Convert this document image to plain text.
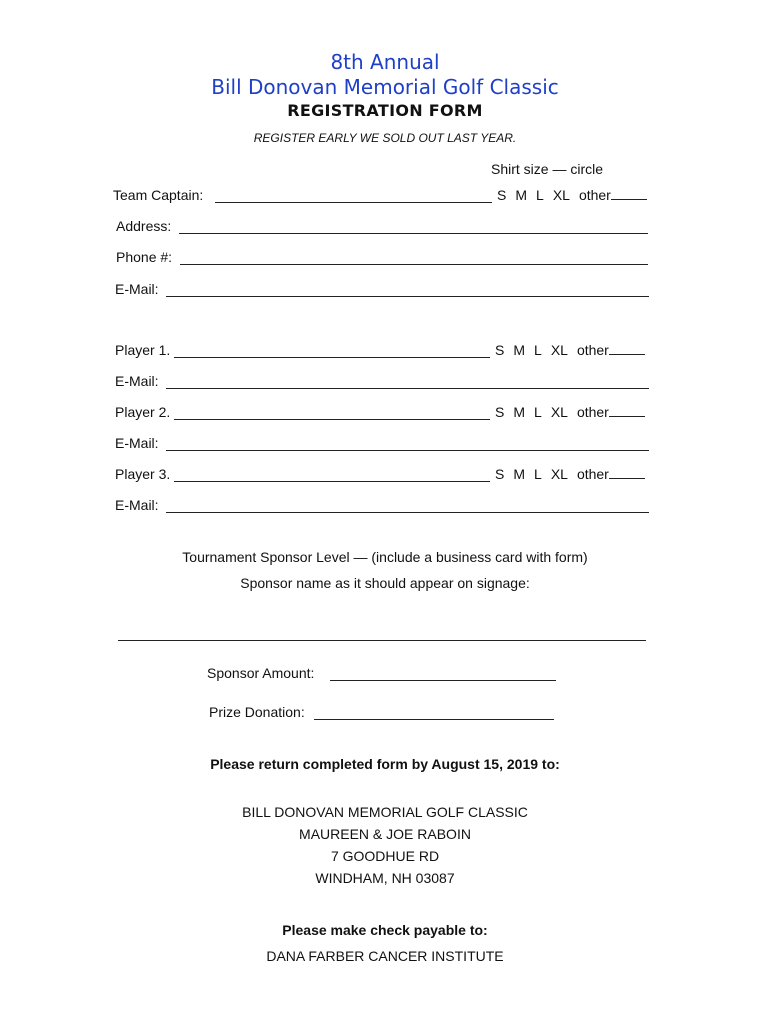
8th Annual
Bill Donovan Memorial Golf Classic
REGISTRATION FORM
REGISTER EARLY WE SOLD OUT LAST YEAR.
Shirt size — circle
Team Captain:	S M L XL other
Address:
Phone #:
E-Mail:
Player 1.	S M L XL other
E-Mail:
Player 2.	S M L XL other
E-Mail:
Player 3.	S M L XL other
E-Mail:
Tournament Sponsor Level — (include a business card with form)
Sponsor name as it should appear on signage:
Sponsor Amount:
Prize Donation:
Please return completed form by August 15, 2019 to:
BILL DONOVAN MEMORIAL GOLF CLASSIC
MAUREEN & JOE RABOIN
7 GOODHUE RD
WINDHAM, NH 03087
Please make check payable to:
DANA FARBER CANCER INSTITUTE
